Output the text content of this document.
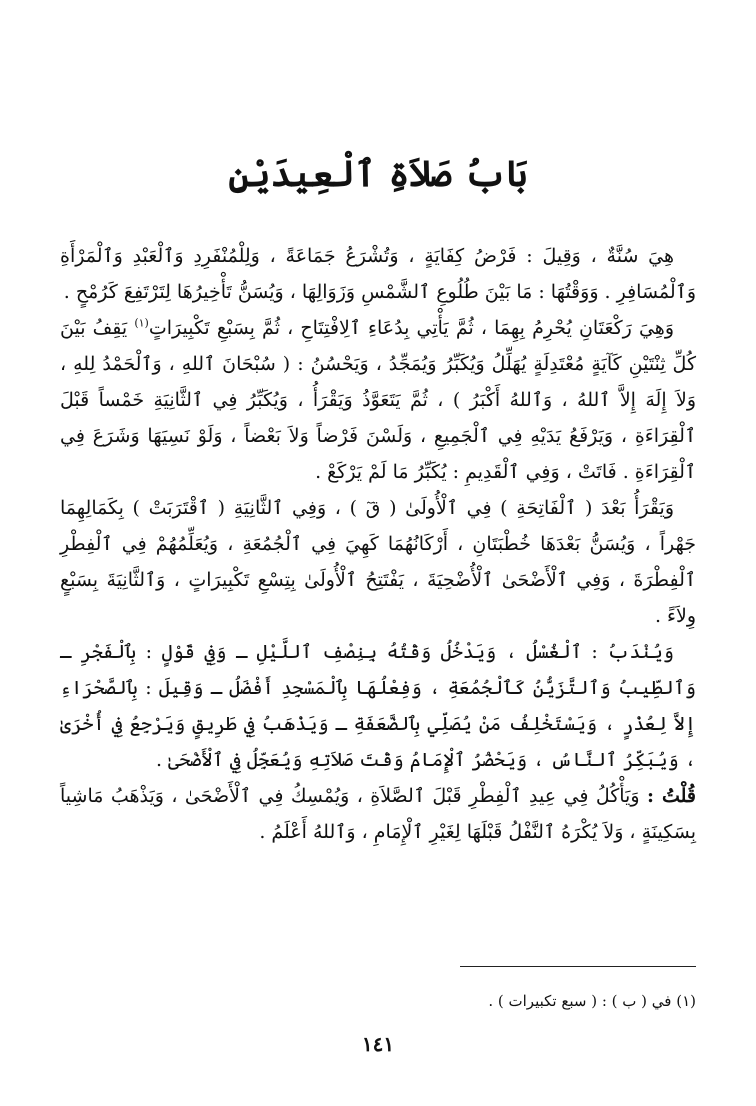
بَابُ صَلاَةِ ٱلْعِيدَيْنِ

هِيَ سُنَّةٌ ، وَقِيلَ : فَرْضُ كِفَايَةٍ ، وَتُشْرَعُ جَمَاعَةً ، وَلِلْمُنْفَرِدِ وَٱلْعَبْدِ وَٱلْمَرْأَةِ وَٱلْمُسَافِرِ . وَوَقْتُهَا : مَا بَيْنَ طُلُوعِ ٱلشَّمْسِ وَزَوَالِهَا ، وَيُسَنُّ تَأْخِيرُهَا لِتَرْتَفِعَ كَرُمْحٍ .

وَهِيَ رَكْعَتَانِ يُحْرِمُ بِهِمَا ، ثُمَّ يَأْتِي بِدُعَاءِ ٱلِافْتِتَاحِ ، ثُمَّ بِسَبْعِ تَكْبِيرَاتٍ$^{(١)}$ يَقِفُ بَيْنَ كُلِّ ثِنْتَيْنِ كَآيَةٍ مُعْتَدِلَةٍ يُهَلِّلُ وَيُكَبِّرُ وَيُمَجِّدُ ، وَيَحْسُنُ : ( سُبْحَانَ ٱللهِ ، وَٱلْحَمْدُ لِلهِ ، وَلاَ إِلَهَ إِلاَّ ٱللهُ ، وَٱللهُ أَكْبَرُ ) ، ثُمَّ يَتَعَوَّذُ وَيَقْرَأُ ، وَيُكَبِّرُ فِي ٱلثَّانِيَةِ خَمْساً قَبْلَ ٱلْقِرَاءَةِ ، وَيَرْفَعُ يَدَيْهِ فِي ٱلْجَمِيعِ ، وَلَسْنَ فَرْضاً وَلاَ بَعْضاً ، وَلَوْ نَسِيَهَا وَشَرَعَ فِي ٱلْقِرَاءَةِ . فَاتَتْ ، وَفِي ٱلْقَدِيمِ : يُكَبِّرُ مَا لَمْ يَرْكَعْ .

وَيَقْرَأُ بَعْدَ ( ٱلْفَاتِحَةِ ) فِي ٱلْأُولَىٰ ( قٓ ) ، وَفِي ٱلثَّانِيَةِ ( ٱقْتَرَبَتْ ) بِكَمَالِهِمَا جَهْراً ، وَيُسَنُّ بَعْدَهَا خُطْبَتَانِ ، أَرْكَانُهُمَا كَهِيَ فِي ٱلْجُمُعَةِ ، وَيُعَلِّمُهُمْ فِي ٱلْفِطْرِ ٱلْفِطْرَةَ ، وَفِي ٱلْأَضْحَىٰ ٱلْأُضْحِيَةَ ، يَفْتَتِحُ ٱلْأُولَىٰ بِتِسْعِ تَكْبِيرَاتٍ ، وَٱلثَّانِيَةَ بِسَبْعٍ وِلاَءً .

وَيُنْدَبُ : ٱلْغُسْلُ ، وَيَدْخُلُ وَقْتُهُ بِنِصْفِ ٱللَّيْلِ ـ وَفِي قَوْلٍ : بِٱلْفَجْرِ ـ وَٱلطِّيبُ وَٱلتَّزَيُّنُ كَٱلْجُمُعَةِ ، وَفِعْلُهَا بِٱلْمَسْجِدِ أَفْضَلُ ـ وَقِيلَ : بِٱلصَّحْرَاءِ إِلاَّ لِعُذْرٍ ، وَيَسْتَخْلِفُ مَنْ يُصَلِّي بِٱلضَّعَفَةِ ـ وَيَذْهَبُ فِي طَرِيقٍ وَيَرْجِعُ فِي أُخْرَىٰ ، وَيُبَكِّرُ ٱلنَّاسُ ، وَيَحْضُرُ ٱلْإِمَامُ وَقْتَ صَلاَتِهِ وَيُعَجِّلُ فِي ٱلْأَضْحَىٰ .

قُلْتُ : وَيَأْكُلُ فِي عِيدِ ٱلْفِطْرِ قَبْلَ ٱلصَّلاَةِ ، وَيُمْسِكُ فِي ٱلْأَضْحَىٰ ، وَيَذْهَبُ مَاشِياً بِسَكِينَةٍ ، وَلاَ يُكْرَهُ ٱلنَّفْلُ قَبْلَهَا لِغَيْرِ ٱلْإِمَامِ ، وَٱللهُ أَعْلَمُ .

(١) في ( ب ) : ( سبع تكبيرات ) .
١٤١
